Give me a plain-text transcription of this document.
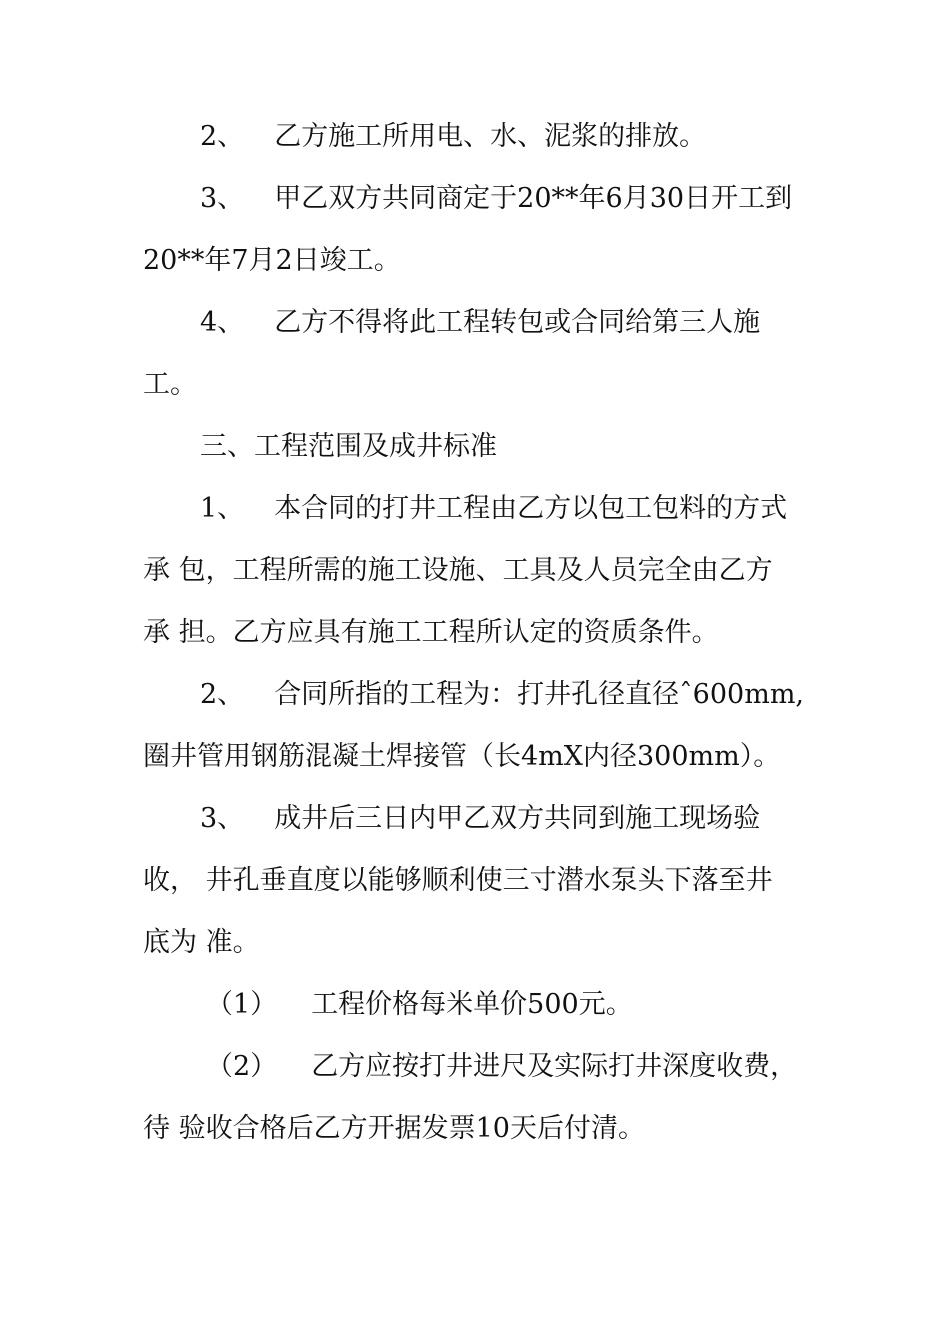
2、 乙方施工所用电、水、泥浆的排放。
3、 甲乙双方共同商定于20**年6月30日开工到
20**年7月2日竣工。
4、 乙方不得将此工程转包或合同给第三人施
工。
三、工程范围及成井标准
1、 本合同的打井工程由乙方以包工包料的方式
承 包，工程所需的施工设施、工具及人员完全由乙方
承 担。乙方应具有施工工程所认定的资质条件。
2、 合同所指的工程为：打井孔径直径ˆ600mm,
圈井管用钢筋混凝土焊接管（长4mX内径300mm）。
3、 成井后三日内甲乙双方共同到施工现场验
收， 井孔垂直度以能够顺利使三寸潜水泵头下落至井
底为 准。
（1） 工程价格每米单价500元。
（2） 乙方应按打井进尺及实际打井深度收费，
待 验收合格后乙方开据发票10天后付清。
